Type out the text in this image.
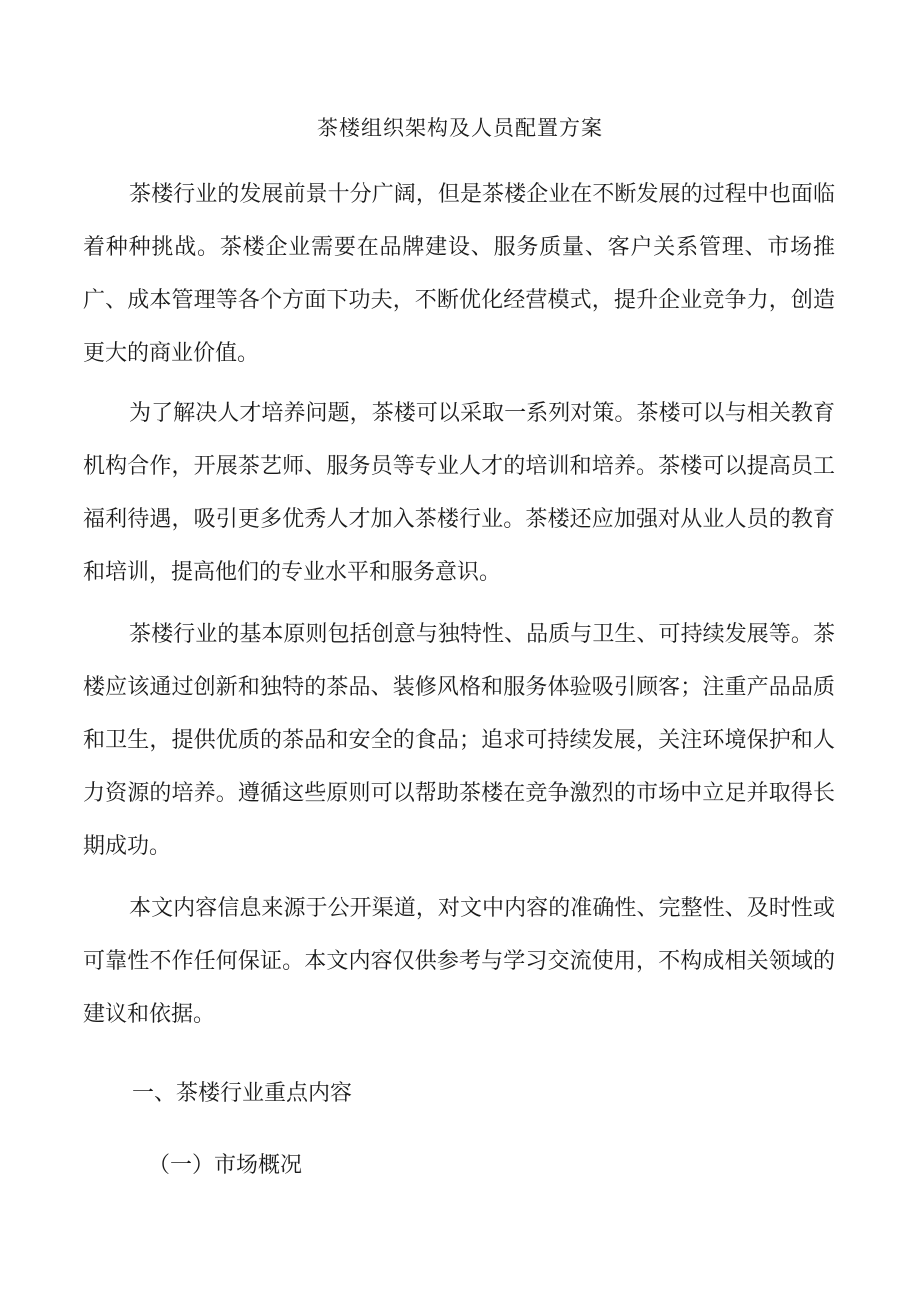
茶楼组织架构及人员配置方案

茶楼行业的发展前景十分广阔，但是茶楼企业在不断发展的过程中也面临着种种挑战。茶楼企业需要在品牌建设、服务质量、客户关系管理、市场推广、成本管理等各个方面下功夫，不断优化经营模式，提升企业竞争力，创造更大的商业价值。

为了解决人才培养问题，茶楼可以采取一系列对策。茶楼可以与相关教育机构合作，开展茶艺师、服务员等专业人才的培训和培养。茶楼可以提高员工福利待遇，吸引更多优秀人才加入茶楼行业。茶楼还应加强对从业人员的教育和培训，提高他们的专业水平和服务意识。

茶楼行业的基本原则包括创意与独特性、品质与卫生、可持续发展等。茶楼应该通过创新和独特的茶品、装修风格和服务体验吸引顾客；注重产品品质和卫生，提供优质的茶品和安全的食品；追求可持续发展，关注环境保护和人力资源的培养。遵循这些原则可以帮助茶楼在竞争激烈的市场中立足并取得长期成功。

本文内容信息来源于公开渠道，对文中内容的准确性、完整性、及时性或可靠性不作任何保证。本文内容仅供参考与学习交流使用，不构成相关领域的建议和依据。

一、茶楼行业重点内容
（一）市场概况
